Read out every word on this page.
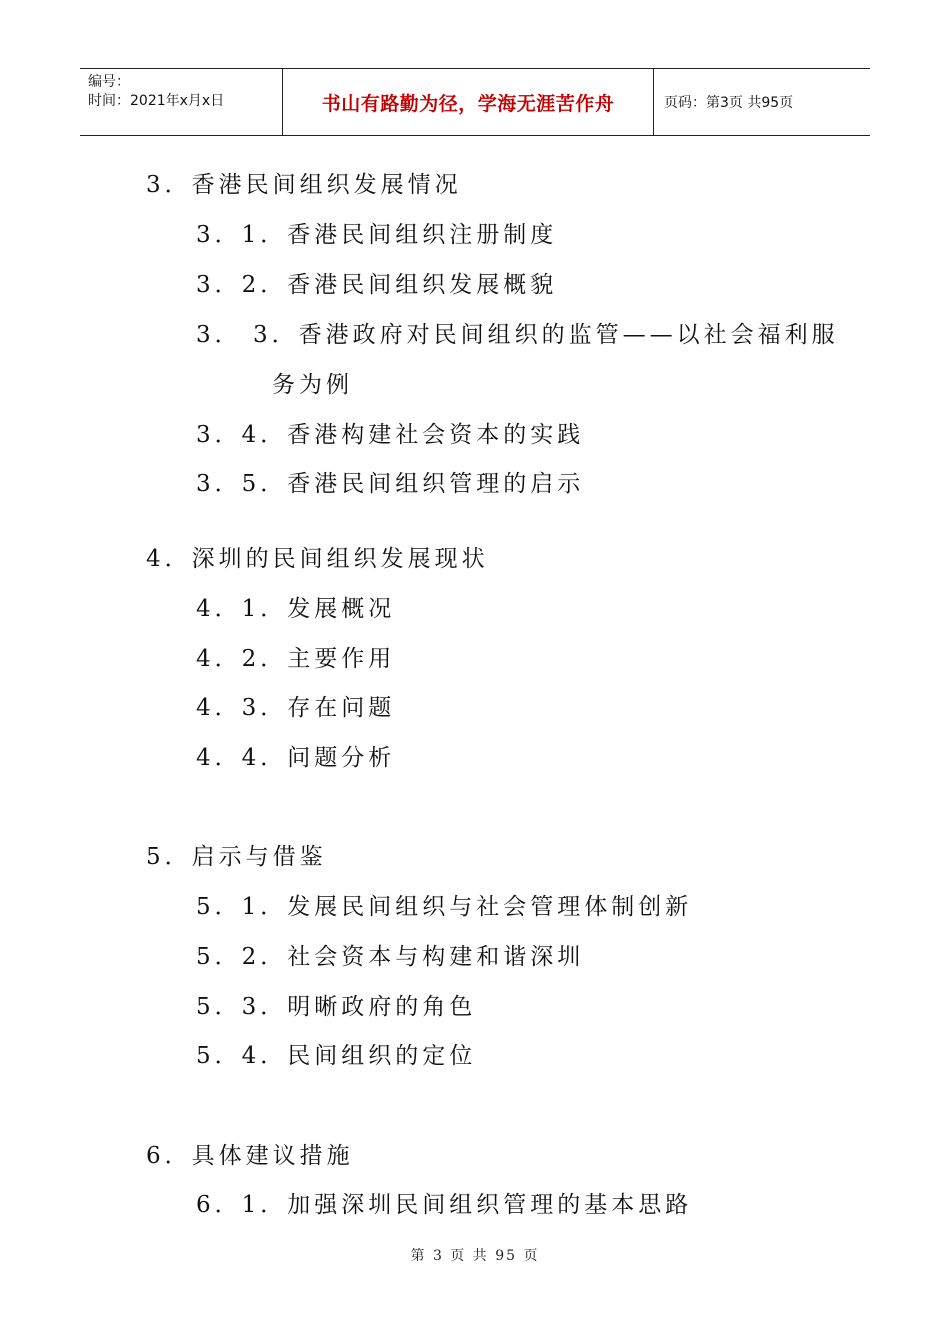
编号：
时间：2021年x月x日	书山有路勤为径，学海无涯苦作舟	页码：第3页 共95页
3．香港民间组织发展情况
3．1．香港民间组织注册制度
3．2．香港民间组织发展概貌
3． 3．香港政府对民间组织的监管——以社会福利服
务为例
3．4．香港构建社会资本的实践
3．5．香港民间组织管理的启示
4．深圳的民间组织发展现状
4．1．发展概况
4．2．主要作用
4．3．存在问题
4．4．问题分析
5．启示与借鉴
5．1．发展民间组织与社会管理体制创新
5．2．社会资本与构建和谐深圳
5．3．明晰政府的角色
5．4．民间组织的定位
6．具体建议措施
6．1．加强深圳民间组织管理的基本思路
第 3 页 共 95 页
